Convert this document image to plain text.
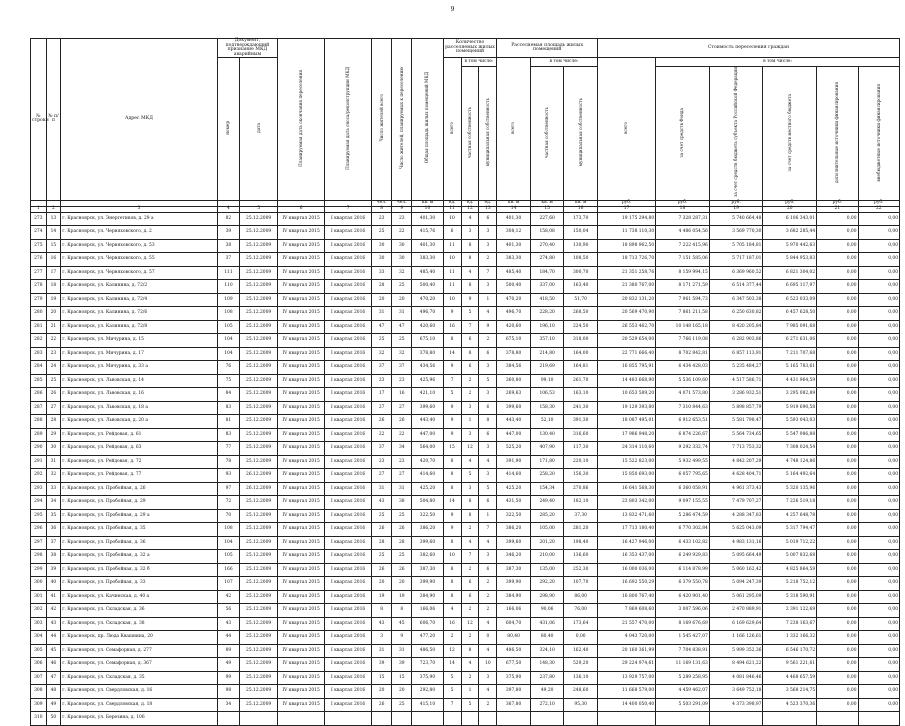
9
№ строки	№ п/п	Адрес МКД	Документ, подтверждающий признание МКД аварийным		Планируемая дата окончания переселения	Планируемая дата сноса/реконструкции МКД	Число жителей всего	Число жителей, планируемых к переселению	Общая площадь жилых помещений МКД	Количество расселяемых жилых помещений			Расселяемая площадь жилых помещений			Стоимость переселения граждан					
			номер	дата						всего	в том числе:		всего	в том числе:		всего	в том числе:				
											частная собственность	муниципальная собственность		частная собственность	муниципальная собственность		за счет средств Фонда	за счет средств бюджета субъекта Российской Федерации	за счет средств местного бюджета	дополнительные источники финансирования	внебюджетные источники финансирования
							чел.	чел.	кв. м	ед.	ед.	ед.	кв. м	кв. м	кв. м	руб.	руб.	руб.	руб.	руб.	руб.
1	2	3	4	5	6	7	8	9	10	11	12	13	14	15	16	17	18	19	20	21	22
273	13	г. Красноярск, ул. Энергетиков, д. 29 а	82	25.12.2009	IV квартал 2015	I квартал 2016	23	23	401,30	10	4	6	401,30	227,60	173,70	19 175 294,80	7 328 287,31	5 740 664,48	6 106 343,01	0,00	0,00
274	14	г. Красноярск, ул. Черняховского, д. 2	39	25.12.2009	IV квартал 2015	I квартал 2016	25	22	415,76	6	3	3	308,12	158,08	150,04	11 738 110,30	4 486 054,56	3 569 770,30	3 682 285,44	0,00	0,00
275	15	г. Красноярск, ул. Черняховского, д. 53	38	25.12.2009	IV квартал 2015	I квартал 2016	30	30	401,30	11	8	3	401,30	270,40	130,90	18 898 962,50	7 222 415,96	5 705 184,81	5 970 442,63	0,00	0,00
276	16	г. Красноярск, ул. Черняховского, д. 55	37	25.12.2009	IV квартал 2015	I квартал 2016	30	30	383,30	10	8	2	383,30	274,80	108,50	18 713 726,70	7 151 585,06	5 717 187,01	5 844 953,83	0,00	0,00
277	17	г. Красноярск, ул. Черняховского, д. 57	111	25.12.2009	IV квартал 2015	I квартал 2016	33	32	485,40	11	4	7	485,40	184,70	300,70	21 351 258,76	8 159 994,15	6 369 960,52	6 821 304,02	0,00	0,00
278	18	г. Красноярск, ул. Калинина, д. 72/2	110	25.12.2009	IV квартал 2015	I квартал 2016	28	25	500,40	11	8	3	500,40	337,00	163,40	21 380 767,00	8 171 271,59	6 514 377,44	6 695 117,97	0,00	0,00
279	19	г. Красноярск, ул. Калинина, д. 72/4	109	25.12.2009	IV квартал 2015	I квартал 2016	20	20	470,20	10	9	1	470,20	418,50	51,70	20 832 131,20	7 961 594,73	6 347 503,38	6 523 033,09	0,00	0,00
280	20	г. Красноярск, ул. Калинина, д. 72/6	108	25.12.2009	IV квартал 2015	I квартал 2016	31	31	496,70	9	5	4	496,70	228,20	268,50	20 569 470,90	7 861 211,58	6 250 630,82	6 457 628,50	0,00	0,00
281	21	г. Красноярск, ул. Калинина, д. 72/8	105	25.12.2009	IV квартал 2015	I квартал 2016	47	47	420,60	16	7	9	420,60	196,10	224,50	26 553 462,70	10 148 165,18	8 420 205,84	7 985 091,68	0,00	0,00
282	22	г. Красноярск, ул. Мичурина, д. 15	104	25.12.2009	IV квартал 2015	I квартал 2016	25	25	675,10	8	6	2	675,10	357,10	318,00	20 529 654,00	7 766 119,08	6 282 903,86	6 271 631,06	0,00	0,00
283	23	г. Красноярск, ул. Мичурина, д. 17	104	25.12.2009	IV квартал 2015	I квартал 2016	32	32	378,80	14	8	6	378,80	214,80	164,00	22 771 666,40	8 702 842,81	6 857 113,91	7 211 707,68	0,00	0,00
284	24	г. Красноярск, ул. Мичурина, д. 33 а	76	25.12.2009	IV квартал 2015	I квартал 2016	37	37	434,56	9	6	3	384,56	219,69	164,81	16 855 795,91	6 434 428,03	5 235 484,27	5 165 783,61	0,00	0,00
285	25	г. Красноярск, ул. Львовская, д. 14	75	25.12.2009	IV квартал 2015	I квартал 2016	23	23	425,96	7	2	5	360,80	99,10	261,70	14 483 668,90	5 536 109,60	4 517 586,71	4 431 964,59	0,00	0,00
286	26	г. Красноярск, ул. Львовская, д. 16	84	25.12.2009	IV квартал 2015	I квартал 2016	17	16	421,10	5	2	3	269,63	106,53	163,10	10 653 589,20	4 071 573,80	3 286 932,51	3 295 082,89	0,00	0,00
287	27	г. Красноярск, ул. Львовская, д. 18 а	83	25.12.2009	IV квартал 2015	I квартал 2016	27	27	399,60	9	3	6	399,60	158,30	241,30	19 129 393,80	7 310 844,63	5 898 857,79	5 919 690,58	0,00	0,00
288	28	г. Красноярск, ул. Львовская, д. 20 а	81	25.12.2009	IV квартал 2015	I квартал 2016	26	26	443,40	9	1	8	443,40	52,10	391,30	18 087 495,01	6 912 653,51	5 581 798,47	5 593 043,03	0,00	0,00
289	29	г. Красноярск, ул. Рейдовая, д. 61	83	25.12.2009	IV квартал 2015	I квартал 2016	22	22	447,00	9	3	6	447,00	130,40	316,60	17 986 948,20	6 874 226,67	5 564 734,65	5 547 986,88	0,00	0,00
290	30	г. Красноярск, ул. Рейдовая, д. 63	77	25.12.2009	IV квартал 2015	I квартал 2016	37	34	564,00	15	12	3	525,20	407,90	117,30	24 314 110,60	9 292 332,74	7 713 753,32	7 308 024,54	0,00	0,00
291	31	г. Красноярск, ул. Рейдовая, д. 72	78	25.12.2009	IV квартал 2015	I квартал 2016	23	23	420,70	8	4	4	391,90	171,80	220,10	15 522 823,00	5 932 499,55	4 842 207,29	4 748 124,86	0,00	0,00
292	32	г. Красноярск, ул. Рейдовая, д. 77	93	26.12.2009	IV квартал 2015	I квартал 2016	27	27	414,60	8	5	3	414,60	258,20	156,30	15 850 693,00	6 057 795,65	4 628 404,71	5 164 492,64	0,00	0,00
293	33	г. Красноярск, ул. Пробойная, д. 26	97	26.12.2009	IV квартал 2015	I квартал 2016	31	31	425,20	8	3	5	425,20	154,34	270,86	16 641 568,30	6 360 058,91	4 961 373,43	5 320 135,96	0,00	0,00
294	34	г. Красноярск, ул. Пробойная, д. 29	72	25.12.2009	IV квартал 2015	I квартал 2016	43	38	504,80	14	8	6	431,50	249,40	182,10	23 803 342,00	9 097 155,55	7 479 707,27	7 226 519,18	0,00	0,00
295	35	г. Красноярск, ул. Пробойная, д. 29 а	70	25.12.2009	IV квартал 2015	I квартал 2016	25	25	322,50	9	8	1	322,50	285,20	37,30	13 832 471,60	5 286 474,59	4 288 347,83	4 257 648,78	0,00	0,00
296	36	г. Красноярск, ул. Пробойная, д. 35	108	25.12.2009	IV квартал 2015	I квартал 2016	26	26	386,20	9	2	7	386,20	105,00	281,20	17 713 180,40	6 770 302,84	5 625 043,09	5 317 794,47	0,00	0,00
297	37	г. Красноярск, ул. Пробойная, д. 36	104	25.12.2009	IV квартал 2015	I квартал 2016	28	28	399,60	8	4	4	399,60	201,20	198,40	16 427 946,00	6 433 102,82	4 983 131,16	5 019 712,22	0,00	0,00
298	38	г. Красноярск, ул. Пробойная, д. 32 а	105	25.12.2009	IV квартал 2015	I квартал 2016	25	25	382,60	10	7	3	346,20	210,00	136,60	16 353 437,00	6 249 929,83	5 095 664,49	5 007 832,68	0,00	0,00
299	39	г. Красноярск, ул. Пробойная, д. 32 б	166	25.12.2009	IV квартал 2015	I квартал 2016	26	26	387,30	8	2	6	387,30	135,00	252,30	16 000 036,00	6 114 878,99	5 060 162,42	4 825 864,59	0,00	0,00
300	40	г. Красноярск, ул. Пробойная, д. 33	107	25.12.2009	IV квартал 2015	I квартал 2016	20	20	399,90	8	6	2	399,90	292,20	107,70	16 692 550,29	6 379 550,78	5 094 247,39	5 218 752,12	0,00	0,00
301	41	г. Красноярск, ул. Качинская, д. 40 а	42	25.12.2009	IV квартал 2015	I квартал 2016	19	19	384,90	8	6	2	384,90	298,90	86,00	16 800 767,40	6 420 901,40	5 061 295,09	5 318 590,91	0,00	0,00
302	42	г. Красноярск, ул. Складская, д. 36	56	25.12.2009	IV квартал 2015	I квартал 2016	8	8	166,06	4	2	2	166,06	90,06	76,00	7 869 608,60	3 007 596,06	2 470 889,91	2 391 122,69	0,00	0,00
303	43	г. Красноярск, ул. Складская, д. 38	43	25.12.2009	IV квартал 2015	I квартал 2016	43	45	606,70	16	12	4	604,70	431,06	173,64	21 557 470,00	8 169 676,69	6 169 629,64	7 238 163,67	0,00	0,00
304	44	г. Красноярск, пр. Люда Квашнина, 20	44	25.12.2009	IV квартал 2015	I квартал 2016	3	9	477,20	2	2	0	80,40	80,40	0,00	4 043 720,00	1 545 427,07	1 166 126,61	1 332 166,32	0,00	0,00
305	45	г. Красноярск, ул. Семафорная, д. 277	89	25.12.2009	IV квартал 2015	I квартал 2016	31	31	486,50	12	8	4	486,50	324,10	162,40	20 160 361,99	7 704 838,91	5 999 352,36	6 546 170,72	0,00	0,00
306	46	г. Красноярск, ул. Семафорная, д. 367	49	25.12.2009	IV квартал 2015	I квартал 2016	39	39	723,70	14	4	10	677,50	148,30	529,20	29 224 974,61	11 169 131,63	8 494 621,22	9 561 221,61	0,00	0,00
307	47	г. Красноярск, ул. Складская, д. 35	99	25.12.2009	IV квартал 2015	I квартал 2016	15	15	375,90	5	2	3	375,90	237,80	136,10	13 929 757,00	5 289 258,95	4 081 846,46	4 468 657,59	0,00	0,00
308	48	г. Красноярск, ул. Свердловская, д. 16	98	25.12.2009	IV квартал 2015	I квартал 2016	20	20	292,80	5	1	4	397,80	49,20	248,60	11 668 579,00	4 459 462,07	3 649 752,18	3 568 214,75	0,00	0,00
309	49	г. Красноярск, ул. Свердловская, д. 18	34	25.12.2009	IV квартал 2015	I квартал 2016	26	25	415,10	7	5	2	367,80	272,10	95,30	14 400 050,40	5 503 291,09	4 373 398,97	4 523 370,36	0,00	0,00
310	50	г. Красноярск, ул. Березина, д. 106																			
